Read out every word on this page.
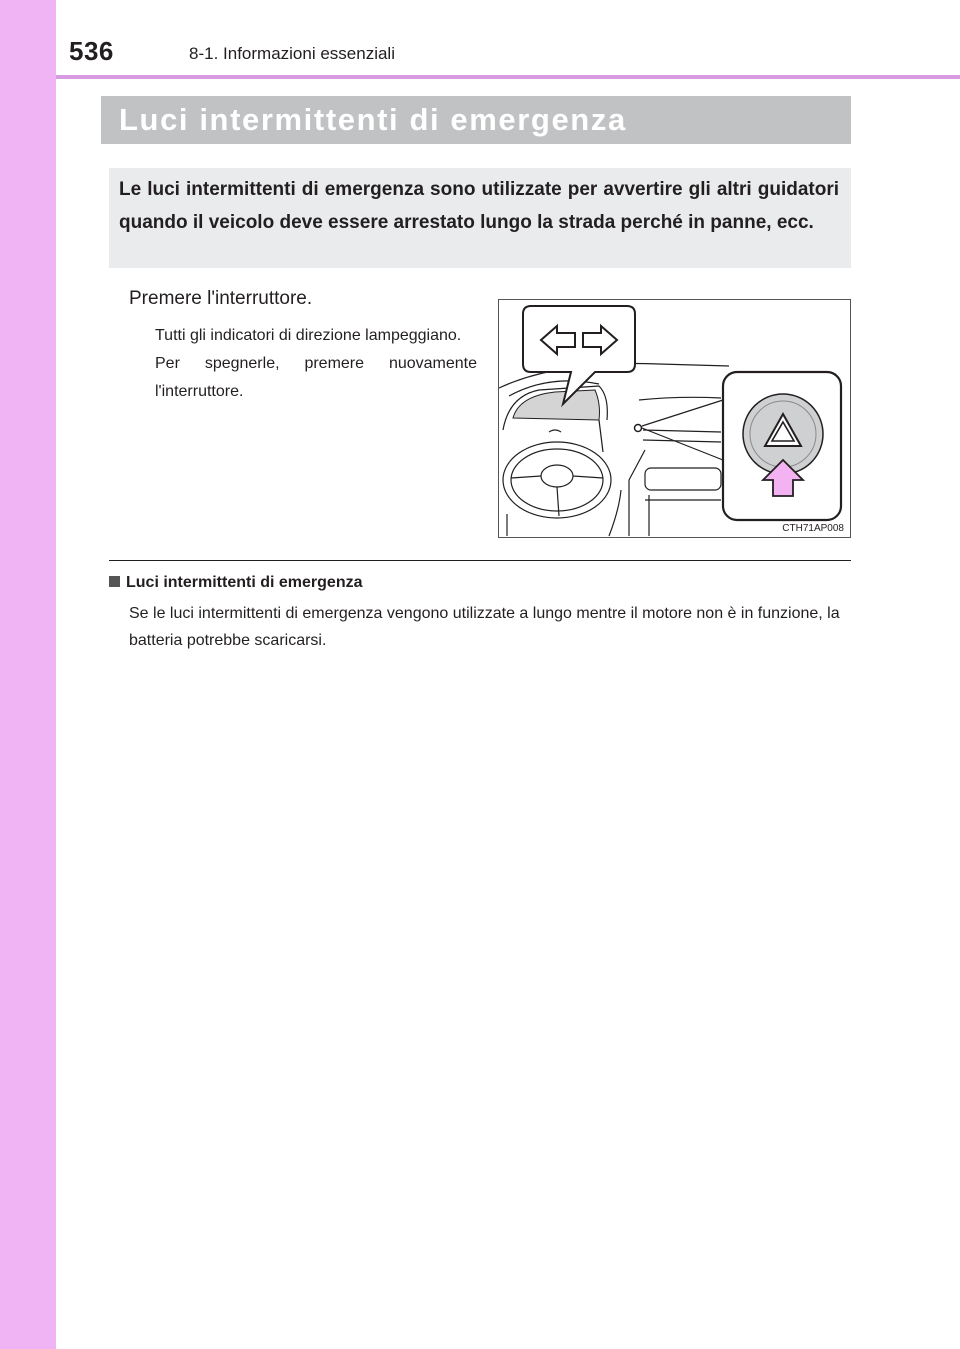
536	8-1. Informazioni essenziali
Luci intermittenti di emergenza
Le luci intermittenti di emergenza sono utilizzate per avvertire gli altri guidatori quando il veicolo deve essere arrestato lungo la strada perché in panne, ecc.
Premere l'interruttore.

Tutti gli indicatori di direzione lampeggiano.

Per spegnerle, premere nuovamente l'interruttore.

CTH71AP008
Luci intermittenti di emergenza
Se le luci intermittenti di emergenza vengono utilizzate a lungo mentre il motore non è in funzione, la batteria potrebbe scaricarsi.
